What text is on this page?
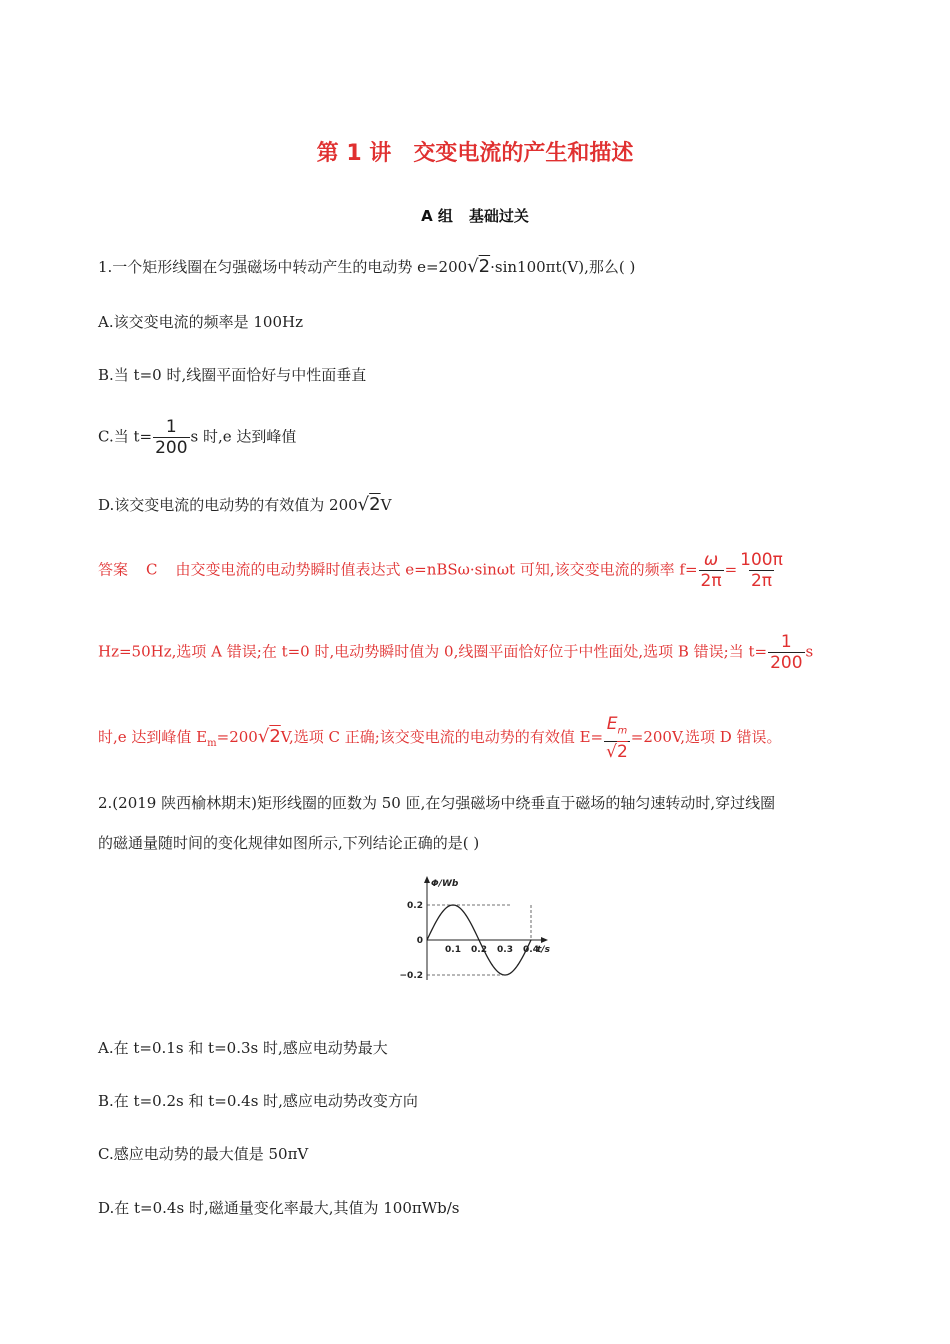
第 1 讲 交变电流的产生和描述
A 组 基础过关
1.一个矩形线圈在匀强磁场中转动产生的电动势 e=200√2·sin100πt(V),那么( )
A.该交变电流的频率是 100Hz
B.当 t=0 时,线圈平面恰好与中性面垂直
C.当 $t= \frac{1}{200}$ s 时,e 达到峰值
D.该交变电流的电动势的有效值为 200√2V
答案 C 由交变电流的电动势瞬时值表达式 e=nBSω·sinωt 可知,该交变电流的频率 $f= \frac{\omega}{2\pi} = \frac{100\pi}{2\pi}$
Hz=50Hz,选项 A 错误;在 t=0 时,电动势瞬时值为 0,线圈平面恰好位于中性面处,选项 B 错误;当 $t= \frac{1}{200}$ s
时,e 达到峰值 $E_m=200√2V$,选项 C 正确;该交变电流的电动势的有效值 $E= \frac{E_m}{√2} =200V$,选项 D 错误。
2.(2019 陕西榆林期末)矩形线圈的匝数为 50 匝,在匀强磁场中绕垂直于磁场的轴匀速转动时,穿过线圈
的磁通量随时间的变化规律如图所示,下列结论正确的是( )
Φ/Wb
t/s
0.2
0
−0.2
0.1 0.2 0.3 0.4
A.在 t=0.1s 和 t=0.3s 时,感应电动势最大
B.在 t=0.2s 和 t=0.4s 时,感应电动势改变方向
C.感应电动势的最大值是 50πV
D.在 t=0.4s 时,磁通量变化率最大,其值为 100πWb/s
